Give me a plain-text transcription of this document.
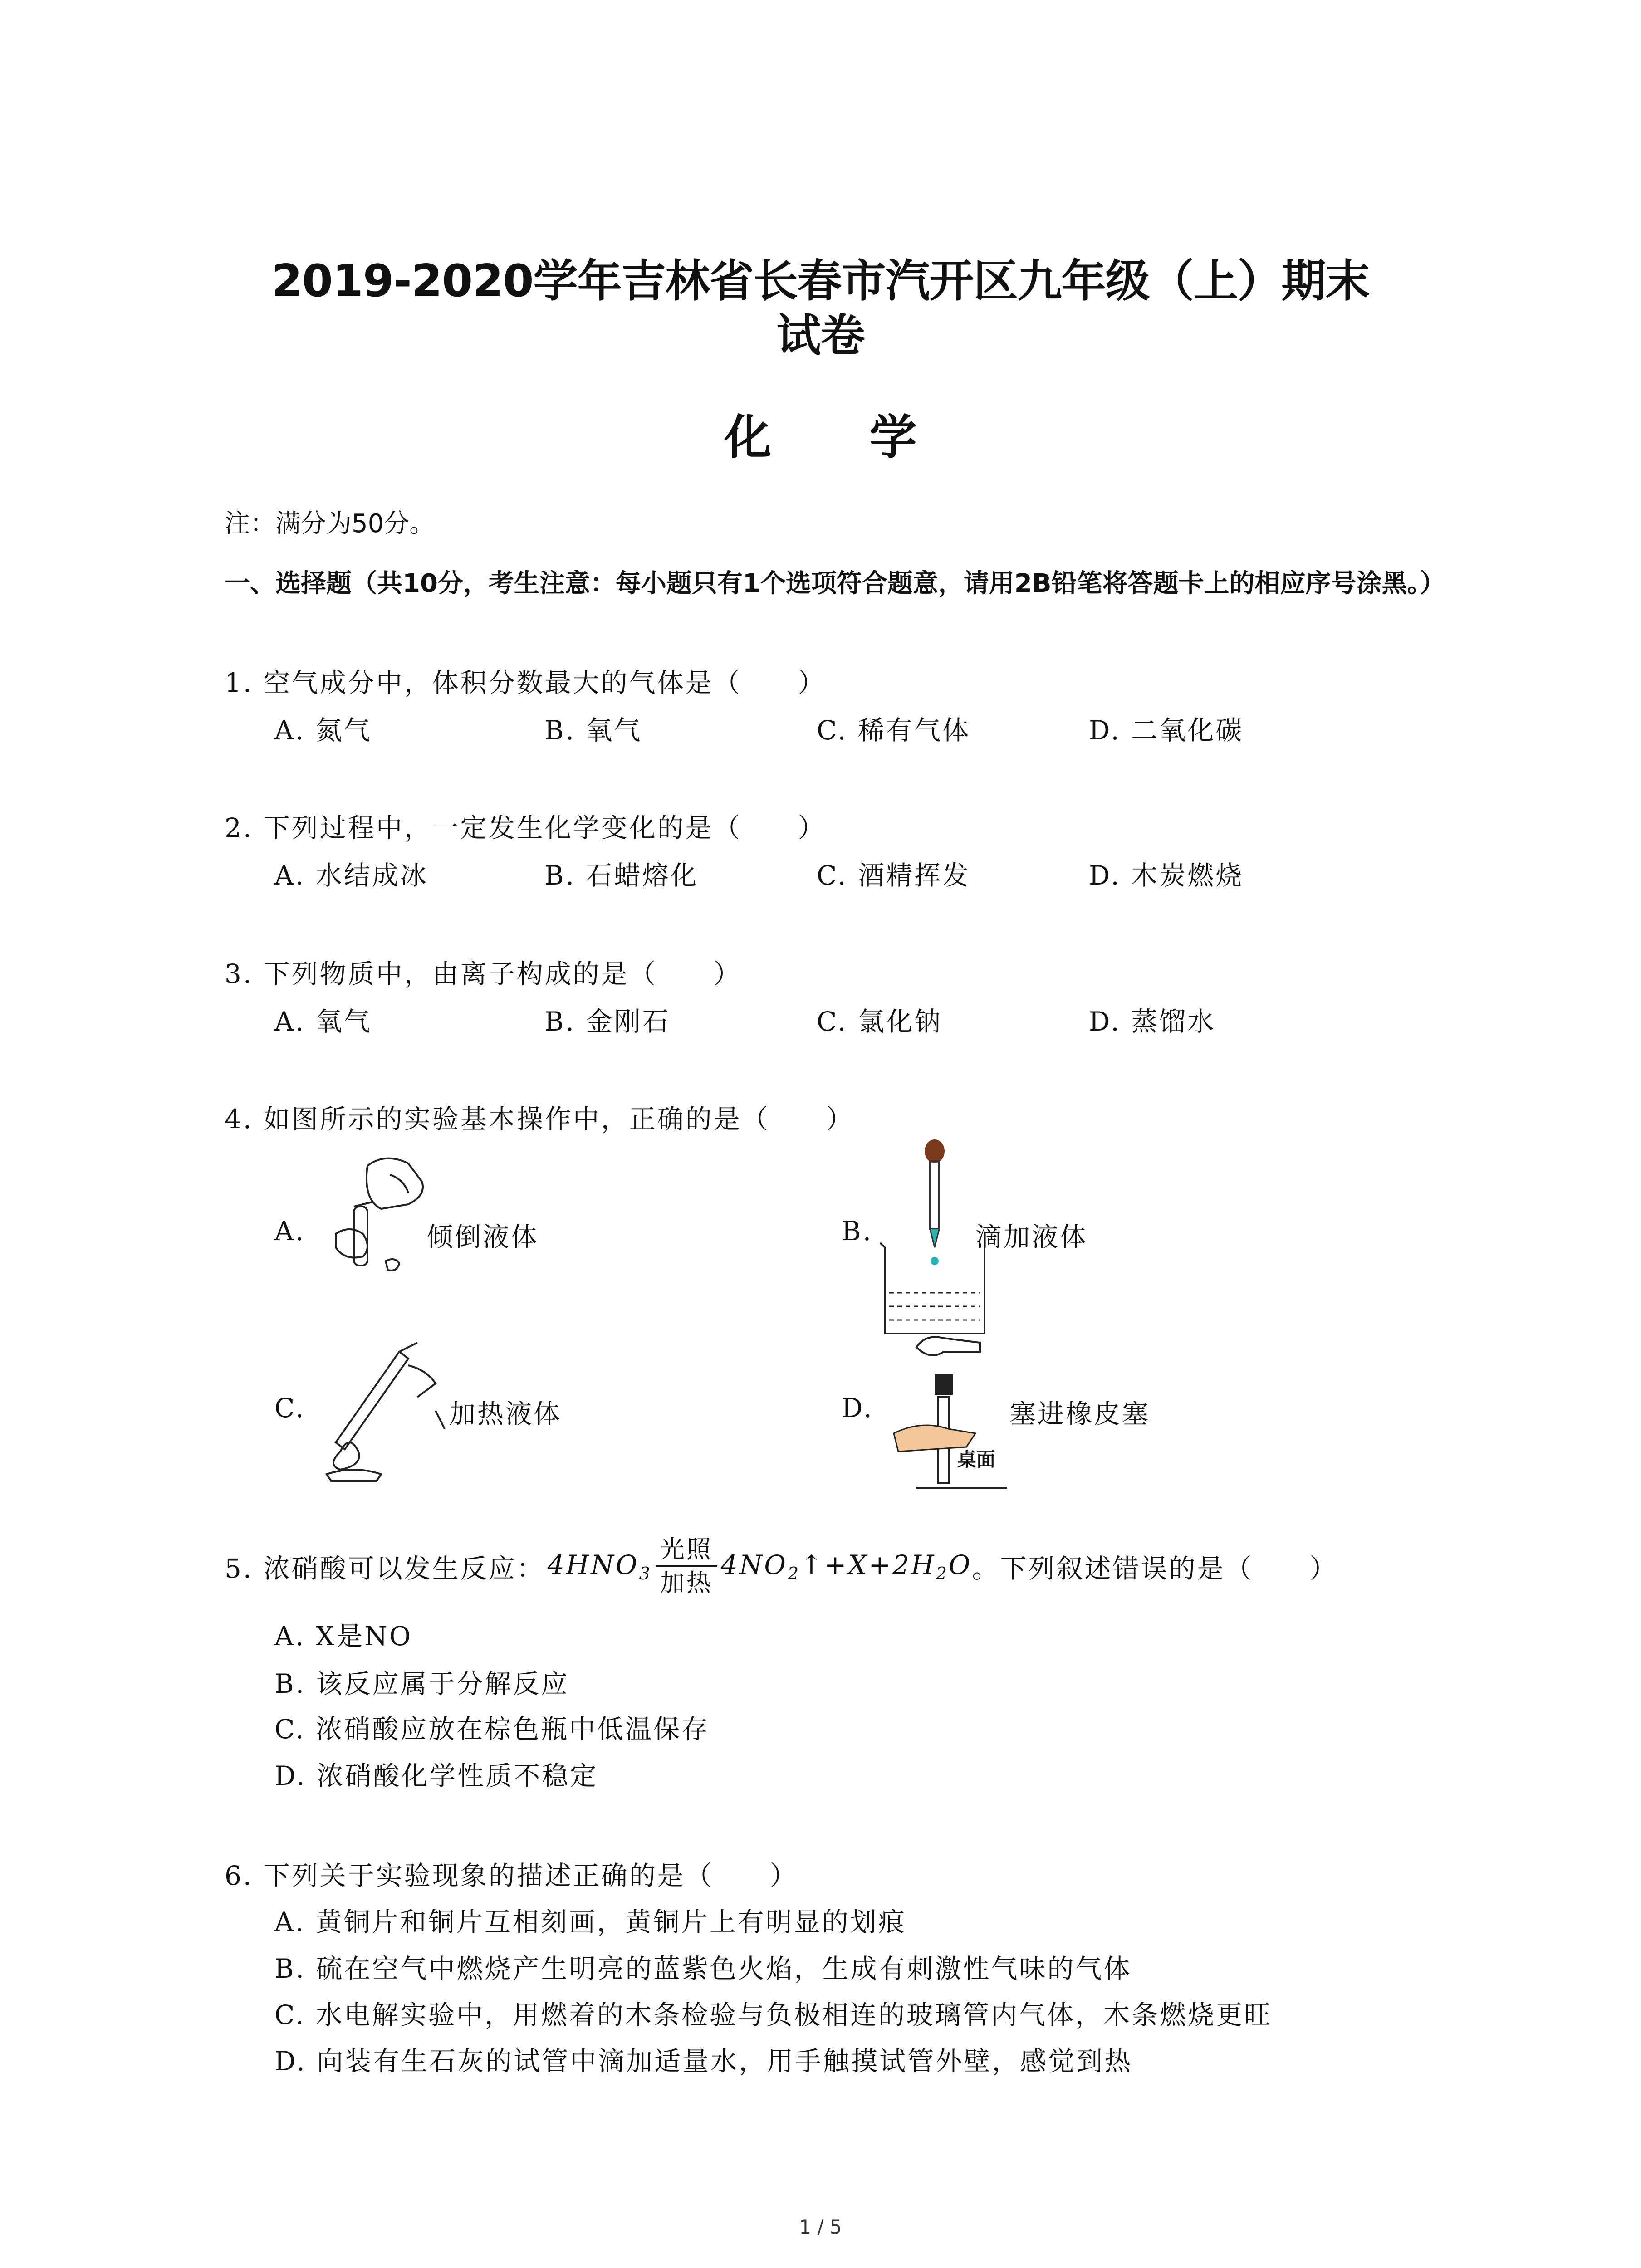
2019-2020学年吉林省长春市汽开区九年级（上）期末
试卷
化 学
注：满分为50分。
一、选择题（共10分，考生注意：每小题只有1个选项符合题意，请用2B铅笔将答题卡上的相应序号涂黑。）
1. 空气成分中，体积分数最大的气体是（　　）
A. 氮气	B. 氧气	C. 稀有气体	D. 二氧化碳
2. 下列过程中，一定发生化学变化的是（　　）
A. 水结成冰	B. 石蜡熔化	C. 酒精挥发	D. 木炭燃烧
3. 下列物质中，由离子构成的是（　　）
A. 氧气	B. 金刚石	C. 氯化钠	D. 蒸馏水
4. 如图所示的实验基本操作中，正确的是（　　）
A.	倾倒液体	B.	滴加液体
C.	加热液体	D.
桌面
塞进橡皮塞
5. 浓硝酸可以发生反应： $4HNO_3 \frac{\text{光照}}{\text{加热}}$ $4NO_2↑+X+2H_2O$ 。下列叙述错误的是（　　）
A. X是NO
B. 该反应属于分解反应
C. 浓硝酸应放在棕色瓶中低温保存
D. 浓硝酸化学性质不稳定
6. 下列关于实验现象的描述正确的是（　　）
A. 黄铜片和铜片互相刻画，黄铜片上有明显的划痕
B. 硫在空气中燃烧产生明亮的蓝紫色火焰，生成有刺激性气味的气体
C. 水电解实验中，用燃着的木条检验与负极相连的玻璃管内气体，木条燃烧更旺
D. 向装有生石灰的试管中滴加适量水，用手触摸试管外壁，感觉到热
1 / 5
